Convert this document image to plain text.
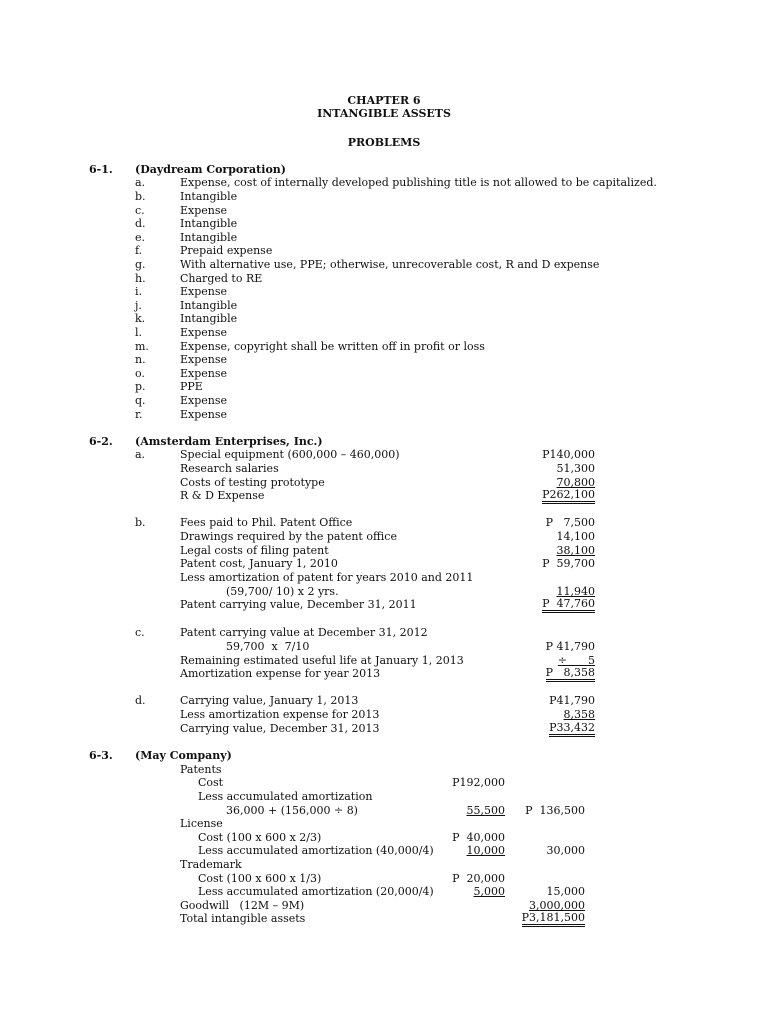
CHAPTER 6
INTANGIBLE ASSETS
PROBLEMS
6-1. (Daydream Corporation)
a.	Expense, cost of internally developed publishing title is not allowed to be capitalized.
b.	Intangible
c.	Expense
d.	Intangible
e.	Intangible
f.	Prepaid expense
g.	With alternative use, PPE; otherwise, unrecoverable cost, R and D expense
h.	Charged to RE
i.	Expense
j.	Intangible
k.	Intangible
l.	Expense
m.	Expense, copyright shall be written off in profit or loss
n.	Expense
o.	Expense
p.	PPE
q.	Expense
r.	Expense
6-2. (Amsterdam Enterprises, Inc.)
a.	Special equipment (600,000 – 460,000)	P140,000
Research salaries	51,300
Costs of testing prototype	70,800
R & D Expense	P262,100
b.	Fees paid to Phil. Patent Office	P   7,500
Drawings required by the patent office	14,100
Legal costs of filing patent	38,100
Patent cost, January 1, 2010	P  59,700
Less amortization of patent for years 2010 and 2011
(59,700/ 10) x 2 yrs.	11,940
Patent carrying value, December 31, 2011	P  47,760
c.	Patent carrying value at December 31, 2012
59,700  x  7/10	P 41,790
Remaining estimated useful life at January 1, 2013	÷      5
Amortization expense for year 2013	P   8,358
d.	Carrying value, January 1, 2013	P41,790
Less amortization expense for 2013	8,358
Carrying value, December 31, 2013	P33,432
6-3. (May Company)
Patents
Cost	P192,000
Less accumulated amortization
36,000 + (156,000 ÷ 8)	55,500 P  136,500
License
Cost (100 x 600 x 2/3)	P  40,000
Less accumulated amortization (40,000/4)	10,000	30,000
Trademark
Cost (100 x 600 x 1/3)	P  20,000
Less accumulated amortization (20,000/4)	5,000	15,000
Goodwill   (12M – 9M)	3,000,000
Total intangible assets	P3,181,500
